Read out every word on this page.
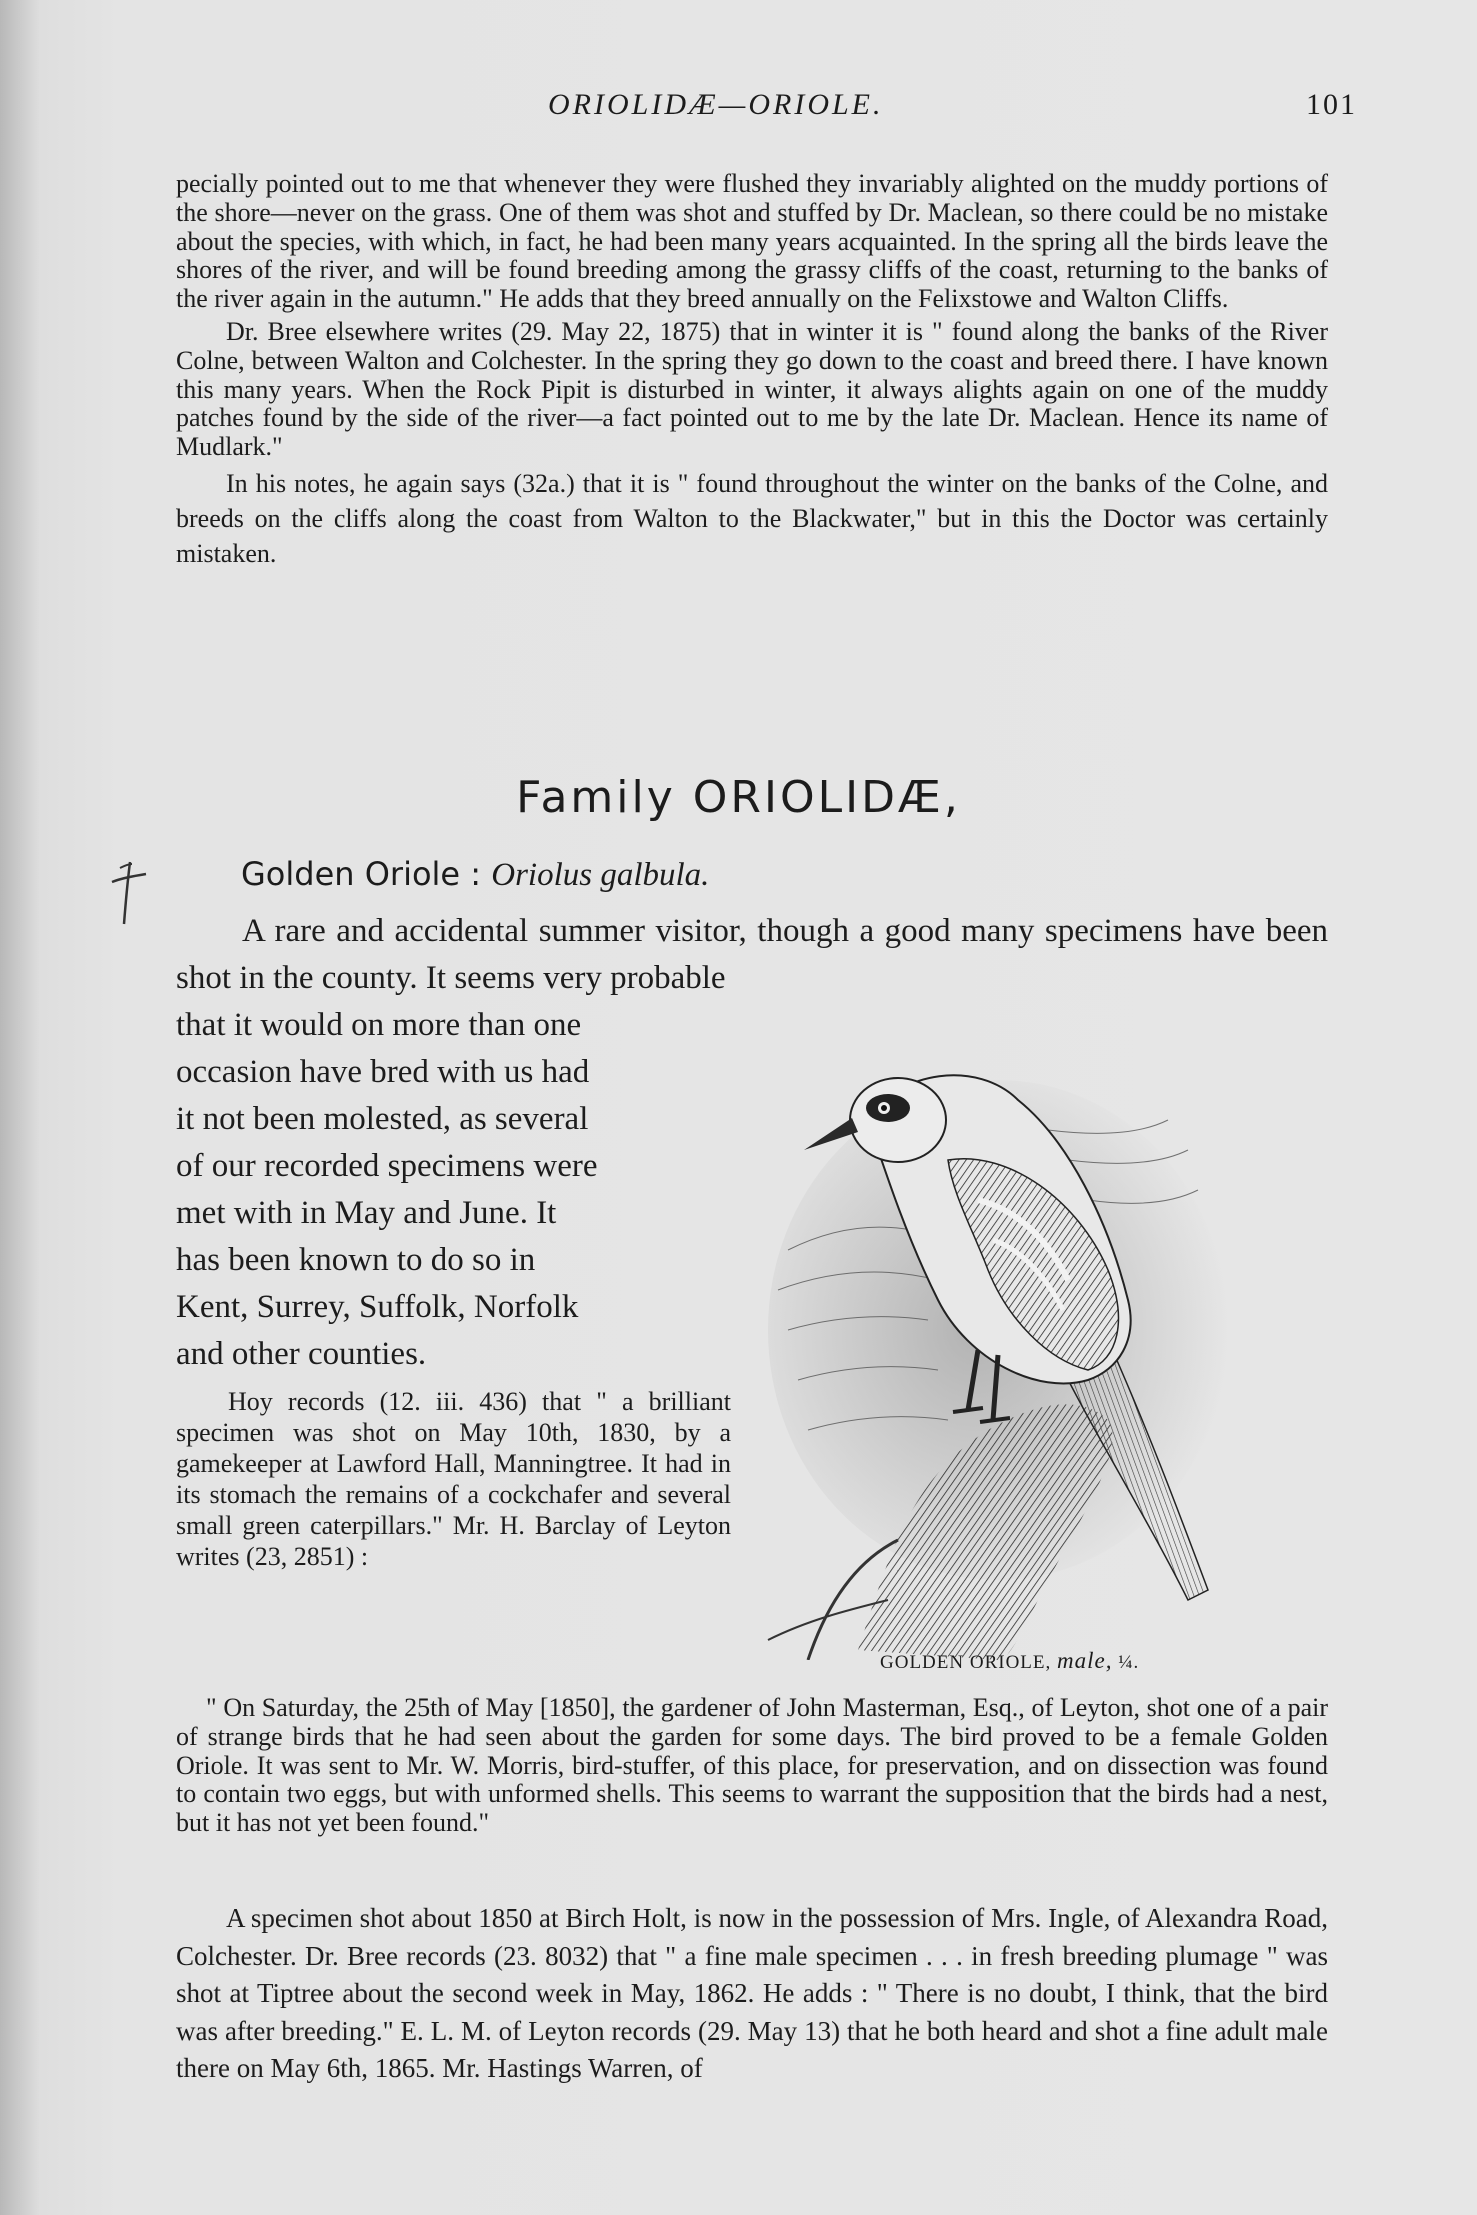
ORIOLIDÆ—ORIOLE.	101

pecially pointed out to me that whenever they were flushed they invariably alighted on the muddy portions of the shore—never on the grass. One of them was shot and stuffed by Dr. Maclean, so there could be no mistake about the species, with which, in fact, he had been many years acquainted. In the spring all the birds leave the shores of the river, and will be found breeding among the grassy cliffs of the coast, returning to the banks of the river again in the autumn." He adds that they breed annually on the Felixstowe and Walton Cliffs.

Dr. Bree elsewhere writes (29. May 22, 1875) that in winter it is " found along the banks of the River Colne, between Walton and Colchester. In the spring they go down to the coast and breed there. I have known this many years. When the Rock Pipit is disturbed in winter, it always alights again on one of the muddy patches found by the side of the river—a fact pointed out to me by the late Dr. Maclean. Hence its name of Mudlark."

In his notes, he again says (32a.) that it is " found throughout the winter on the banks of the Colne, and breeds on the cliffs along the coast from Walton to the Blackwater," but in this the Doctor was certainly mistaken.

Family ORIOLIDÆ,
Golden Oriole : Oriolus galbula.
A rare and accidental summer visitor, though a good many specimens have been shot in the county. It seems very probable
that it would on more than one
occasion have bred with us had
it not been molested, as several
of our recorded specimens were
met with in May and June. It
has been known to do so in
Kent, Surrey, Suffolk, Norfolk
and other counties.
Hoy records (12. iii. 436) that " a brilliant specimen was shot on May 10th, 1830, by a gamekeeper at Lawford Hall, Manningtree. It had in its stomach the remains of a cockchafer and several small green caterpillars." Mr. H. Barclay of Leyton writes (23, 2851) :
GOLDEN ORIOLE, male, ¼.
" On Saturday, the 25th of May [1850], the gardener of John Masterman, Esq., of Leyton, shot one of a pair of strange birds that he had seen about the garden for some days. The bird proved to be a female Golden Oriole. It was sent to Mr. W. Morris, bird-stuffer, of this place, for preservation, and on dissection was found to contain two eggs, but with unformed shells. This seems to warrant the supposition that the birds had a nest, but it has not yet been found."
A specimen shot about 1850 at Birch Holt, is now in the possession of Mrs. Ingle, of Alexandra Road, Colchester. Dr. Bree records (23. 8032) that " a fine male specimen . . . in fresh breeding plumage " was shot at Tiptree about the second week in May, 1862. He adds : " There is no doubt, I think, that the bird was after breeding." E. L. M. of Leyton records (29. May 13) that he both heard and shot a fine adult male there on May 6th, 1865. Mr. Hastings Warren, of
